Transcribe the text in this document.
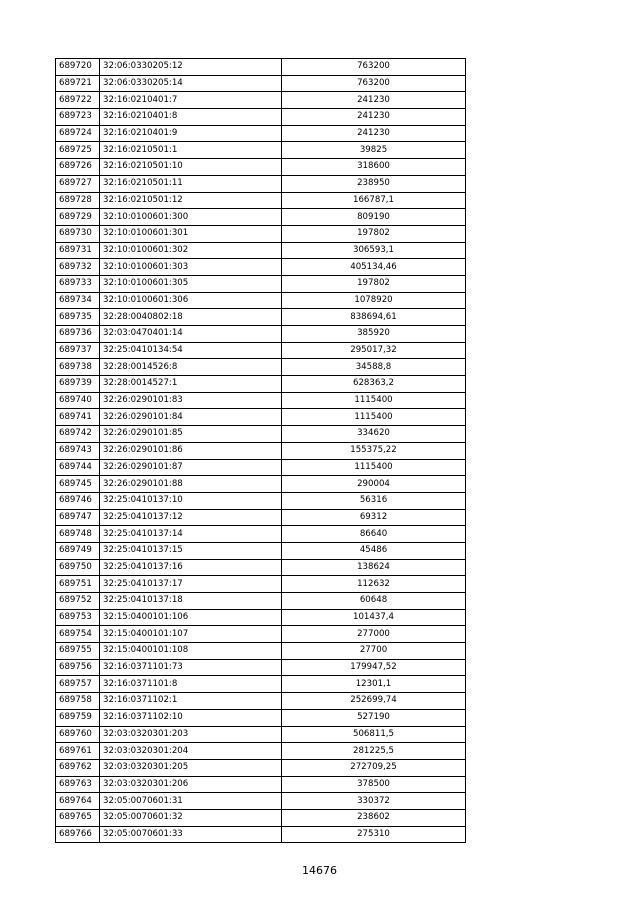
689720	32:06:0330205:12	763200
689721	32:06:0330205:14	763200
689722	32:16:0210401:7	241230
689723	32:16:0210401:8	241230
689724	32:16:0210401:9	241230
689725	32:16:0210501:1	39825
689726	32:16:0210501:10	318600
689727	32:16:0210501:11	238950
689728	32:16:0210501:12	166787,1
689729	32:10:0100601:300	809190
689730	32:10:0100601:301	197802
689731	32:10:0100601:302	306593,1
689732	32:10:0100601:303	405134,46
689733	32:10:0100601:305	197802
689734	32:10:0100601:306	1078920
689735	32:28:0040802:18	838694,61
689736	32:03:0470401:14	385920
689737	32:25:0410134:54	295017,32
689738	32:28:0014526:8	34588,8
689739	32:28:0014527:1	628363,2
689740	32:26:0290101:83	1115400
689741	32:26:0290101:84	1115400
689742	32:26:0290101:85	334620
689743	32:26:0290101:86	155375,22
689744	32:26:0290101:87	1115400
689745	32:26:0290101:88	290004
689746	32:25:0410137:10	56316
689747	32:25:0410137:12	69312
689748	32:25:0410137:14	86640
689749	32:25:0410137:15	45486
689750	32:25:0410137:16	138624
689751	32:25:0410137:17	112632
689752	32:25:0410137:18	60648
689753	32:15:0400101:106	101437,4
689754	32:15:0400101:107	277000
689755	32:15:0400101:108	27700
689756	32:16:0371101:73	179947,52
689757	32:16:0371101:8	12301,1
689758	32:16:0371102:1	252699,74
689759	32:16:0371102:10	527190
689760	32:03:0320301:203	506811,5
689761	32:03:0320301:204	281225,5
689762	32:03:0320301:205	272709,25
689763	32:03:0320301:206	378500
689764	32:05:0070601:31	330372
689765	32:05:0070601:32	238602
689766	32:05:0070601:33	275310
14676
